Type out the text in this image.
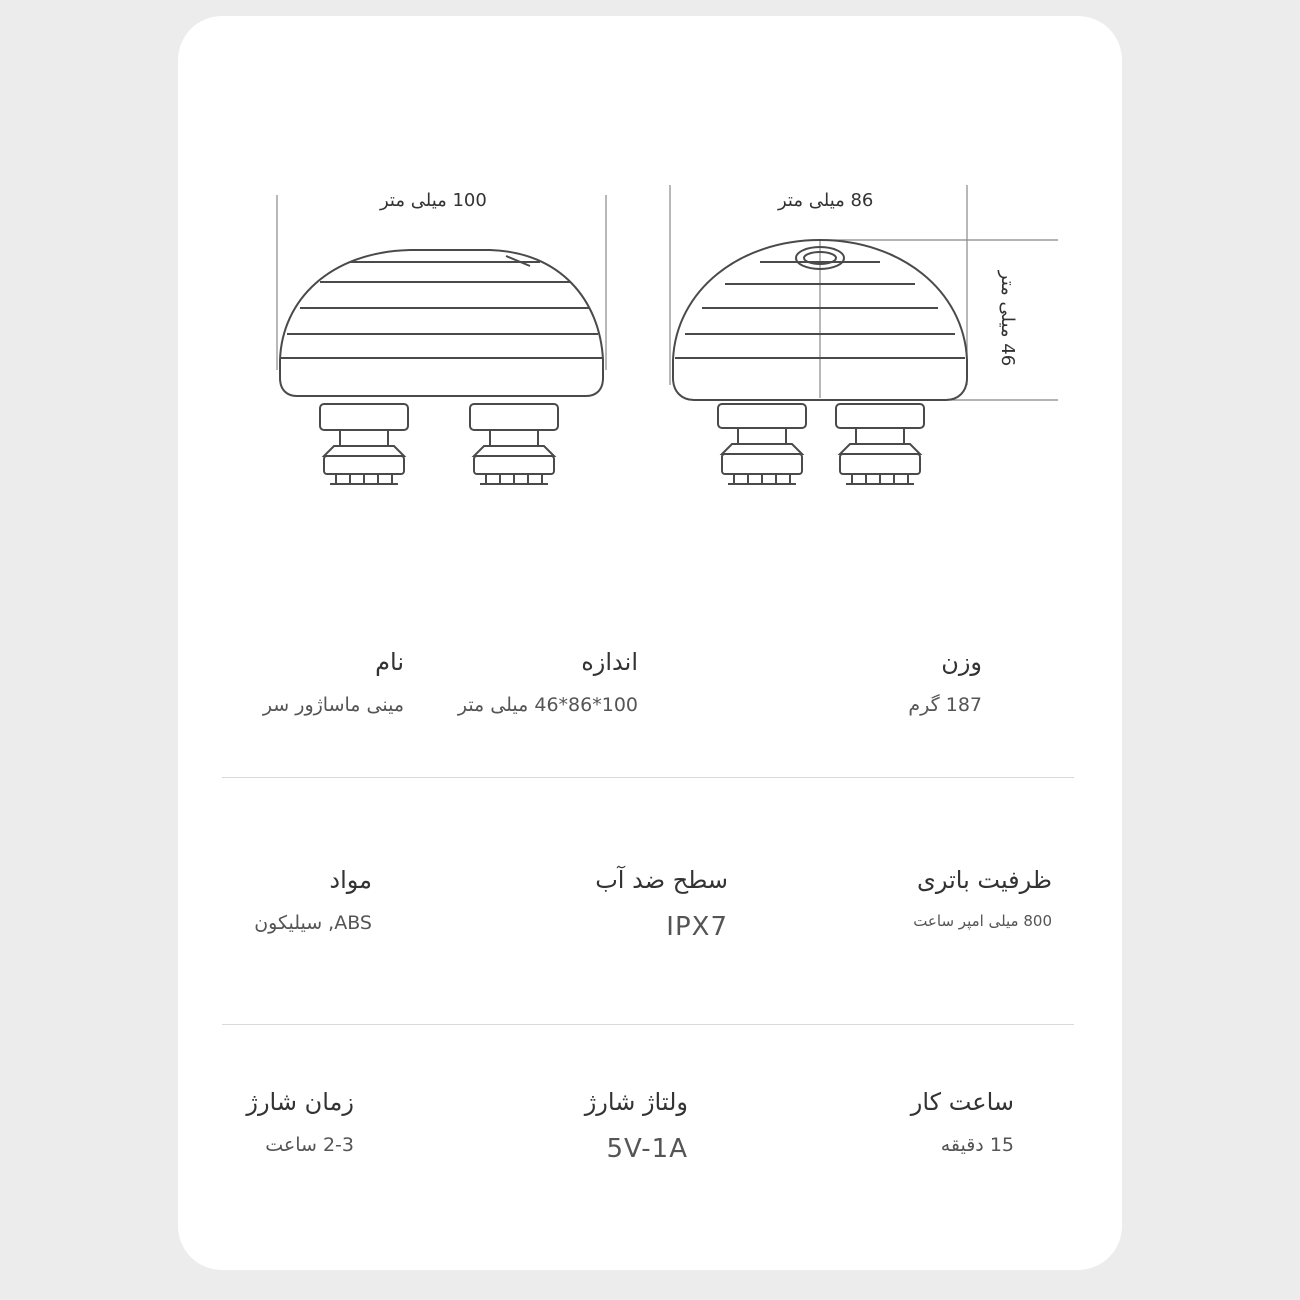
100 میلی متر	86 میلی متر
46 میلی متر
وزن
187 گرم
اندازه
100*86*46 میلی متر
نام
مینی ماساژور سر
ظرفیت باتری
800 میلی امپر ساعت
سطح ضد آب
IPX7
مواد
ABS, سیلیکون
ساعت کار
15 دقیقه
ولتاژ شارژ
5V-1A
زمان شارژ
2-3 ساعت
